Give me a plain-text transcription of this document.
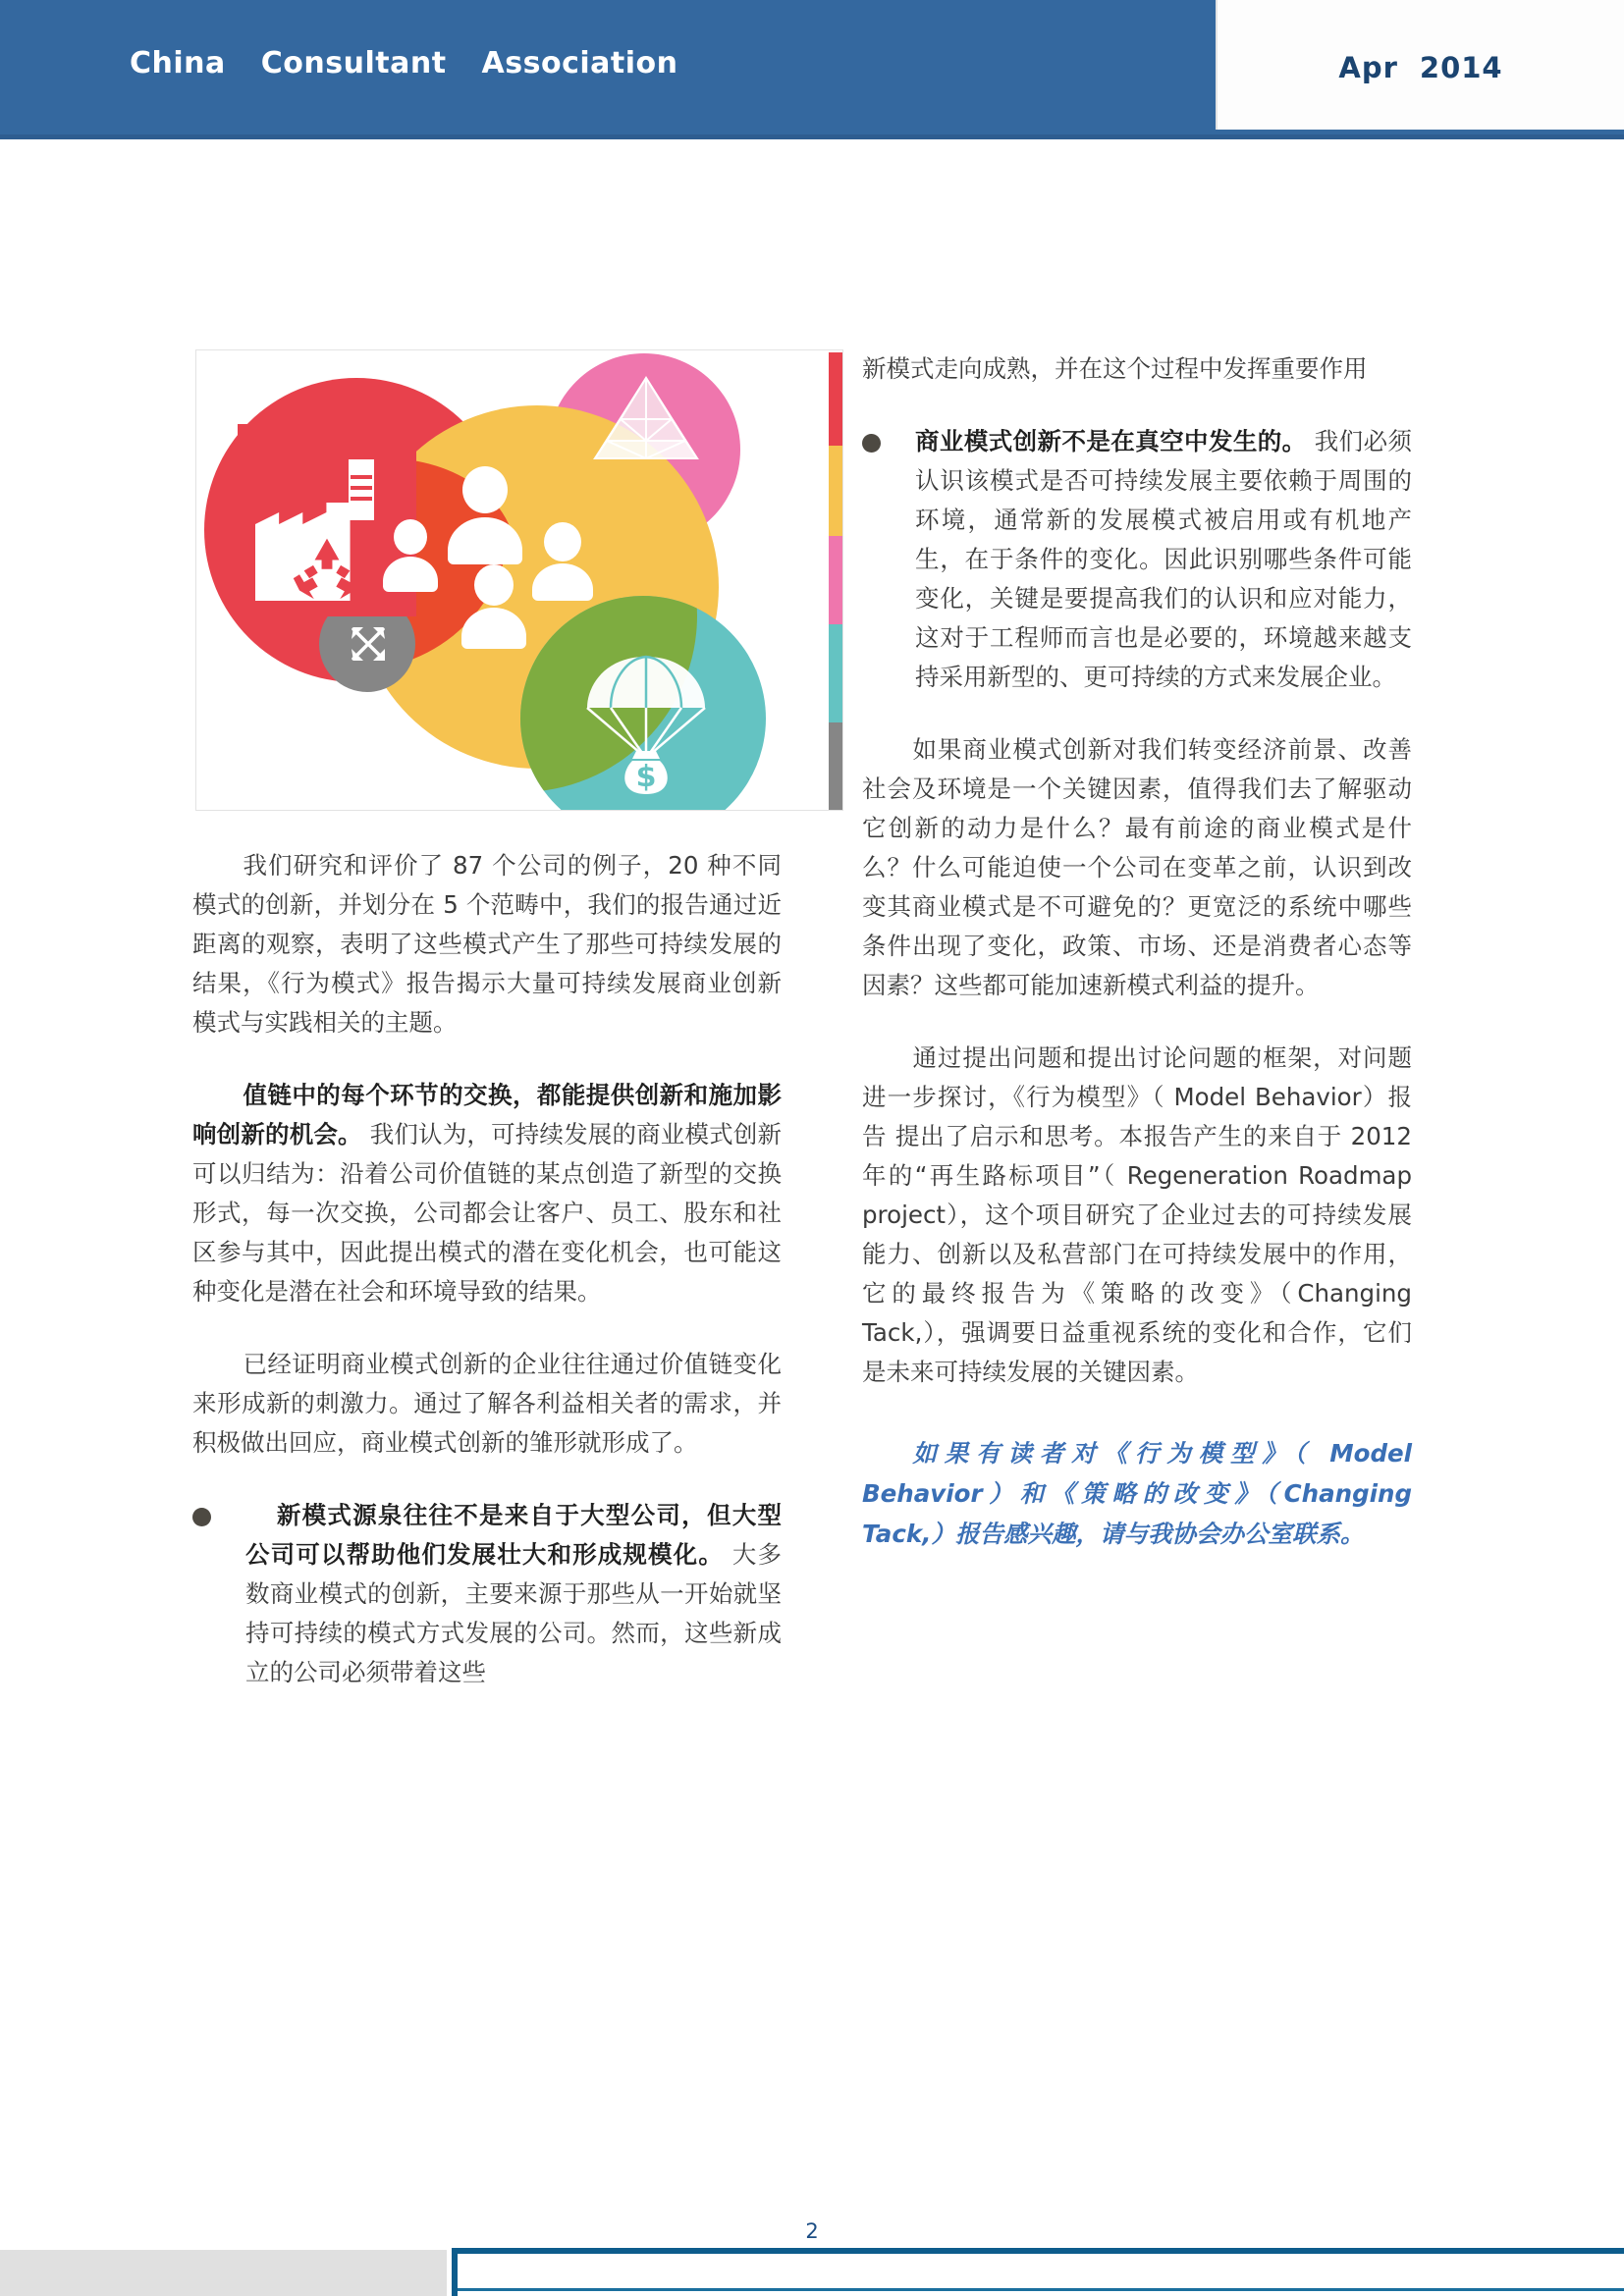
China Consultant Association	Apr 2014
$

我们研究和评价了 87 个公司的例子，20 种不同模式的创新，并划分在 5 个范畴中，我们的报告通过近距离的观察，表明了这些模式产生了那些可持续发展的结果，《行为模式》报告揭示大量可持续发展商业创新模式与实践相关的主题。

值链中的每个环节的交换，都能提供创新和施加影响创新的机会。 我们认为，可持续发展的商业模式创新可以归结为：沿着公司价值链的某点创造了新型的交换形式，每一次交换，公司都会让客户、员工、股东和社区参与其中，因此提出模式的潜在变化机会，也可能这种变化是潜在社会和环境导致的结果。

已经证明商业模式创新的企业往往通过价值链变化来形成新的刺激力。通过了解各利益相关者的需求，并积极做出回应，商业模式创新的雏形就形成了。

新模式源泉往往不是来自于大型公司，但大型公司可以帮助他们发展壮大和形成规模化。 大多数商业模式的创新，主要来源于那些从一开始就坚持可持续的模式方式发展的公司。然而，这些新成立的公司必须带着这些

新模式走向成熟，并在这个过程中发挥重要作用

商业模式创新不是在真空中发生的。 我们必须认识该模式是否可持续发展主要依赖于周围的环境，通常新的发展模式被启用或有机地产生，在于条件的变化。因此识别哪些条件可能变化，关键是要提高我们的认识和应对能力，这对于工程师而言也是必要的，环境越来越支持采用新型的、更可持续的方式来发展企业。

如果商业模式创新对我们转变经济前景、改善社会及环境是一个关键因素，值得我们去了解驱动它创新的动力是什么？最有前途的商业模式是什么？什么可能迫使一个公司在变革之前，认识到改变其商业模式是不可避免的？更宽泛的系统中哪些条件出现了变化，政策、市场、还是消费者心态等因素？这些都可能加速新模式利益的提升。

通过提出问题和提出讨论问题的框架，对问题进一步探讨，《行为模型》（ Model Behavior）报告 提出了启示和思考。本报告产生的来自于 2012 年的“再生路标项目”（ Regeneration Roadmap project），这个项目研究了企业过去的可持续发展能力、创新以及私营部门在可持续发展中的作用，它的最终报告为《策略的改变》（Changing Tack,），强调要日益重视系统的变化和合作，它们是未来可持续发展的关键因素。

如果有读者对《行为模型》（ Model Behavior）和《策略的改变》（Changing Tack,）报告感兴趣，请与我协会办公室联系。

2
